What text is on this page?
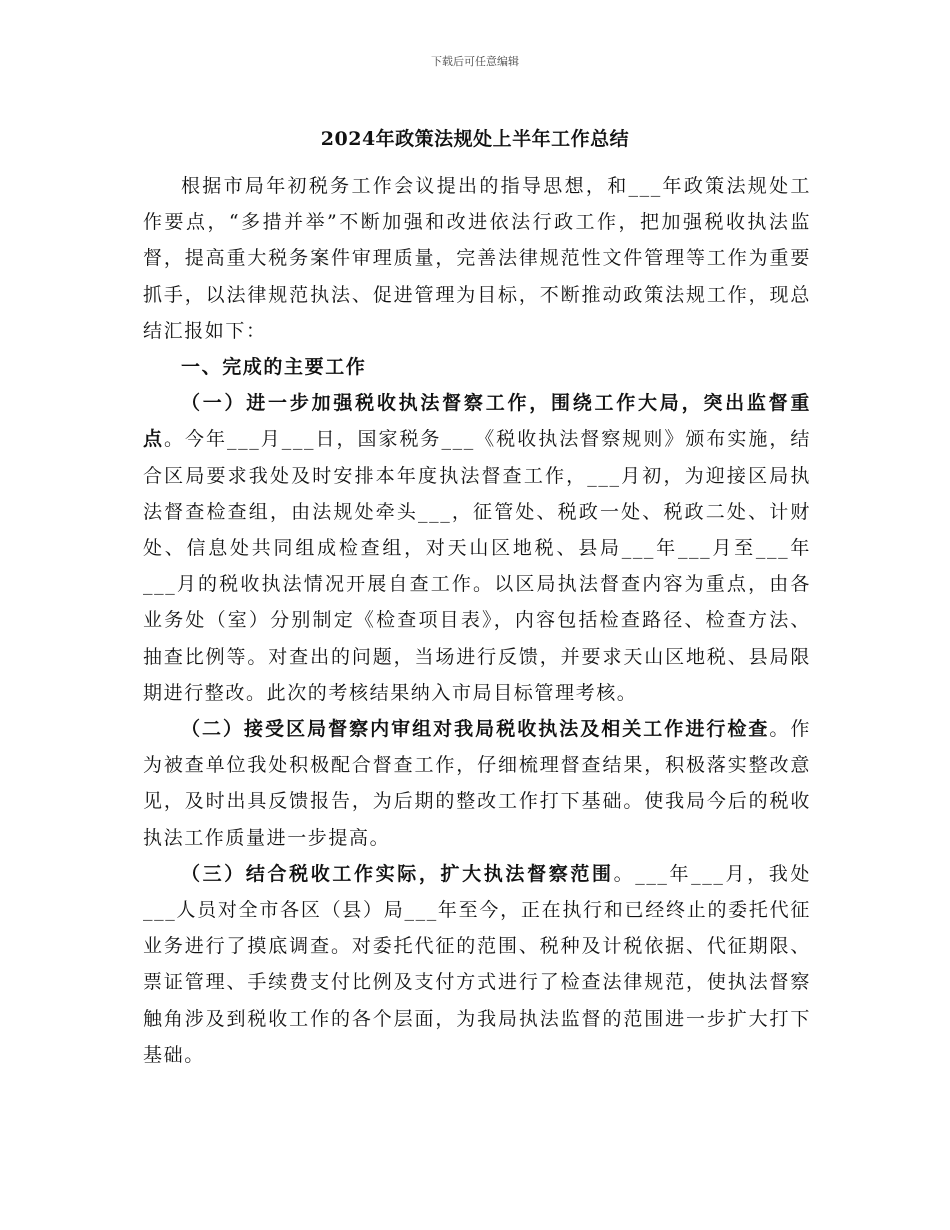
下载后可任意编辑
2024年政策法规处上半年工作总结

根据市局年初税务工作会议提出的指导思想，和___年政策法规处工作要点，“多措并举”不断加强和改进依法行政工作，把加强税收执法监督，提高重大税务案件审理质量，完善法律规范性文件管理等工作为重要抓手，以法律规范执法、促进管理为目标，不断推动政策法规工作，现总结汇报如下：

一、完成的主要工作

（一）进一步加强税收执法督察工作，围绕工作大局，突出监督重点。今年___月___日，国家税务___《税收执法督察规则》颁布实施，结合区局要求我处及时安排本年度执法督查工作，___月初，为迎接区局执法督查检查组，由法规处牵头___，征管处、税政一处、税政二处、计财处、信息处共同组成检查组，对天山区地税、县局___年___月至___年___月的税收执法情况开展自查工作。以区局执法督查内容为重点，由各业务处（室）分别制定《检查项目表》，内容包括检查路径、检查方法、抽查比例等。对查出的问题，当场进行反馈，并要求天山区地税、县局限期进行整改。此次的考核结果纳入市局目标管理考核。

（二）接受区局督察内审组对我局税收执法及相关工作进行检查。作为被查单位我处积极配合督查工作，仔细梳理督查结果，积极落实整改意见，及时出具反馈报告，为后期的整改工作打下基础。使我局今后的税收执法工作质量进一步提高。

（三）结合税收工作实际，扩大执法督察范围。___年___月，我处___人员对全市各区（县）局___年至今，正在执行和已经终止的委托代征业务进行了摸底调查。对委托代征的范围、税种及计税依据、代征期限、票证管理、手续费支付比例及支付方式进行了检查法律规范，使执法督察触角涉及到税收工作的各个层面，为我局执法监督的范围进一步扩大打下基础。
